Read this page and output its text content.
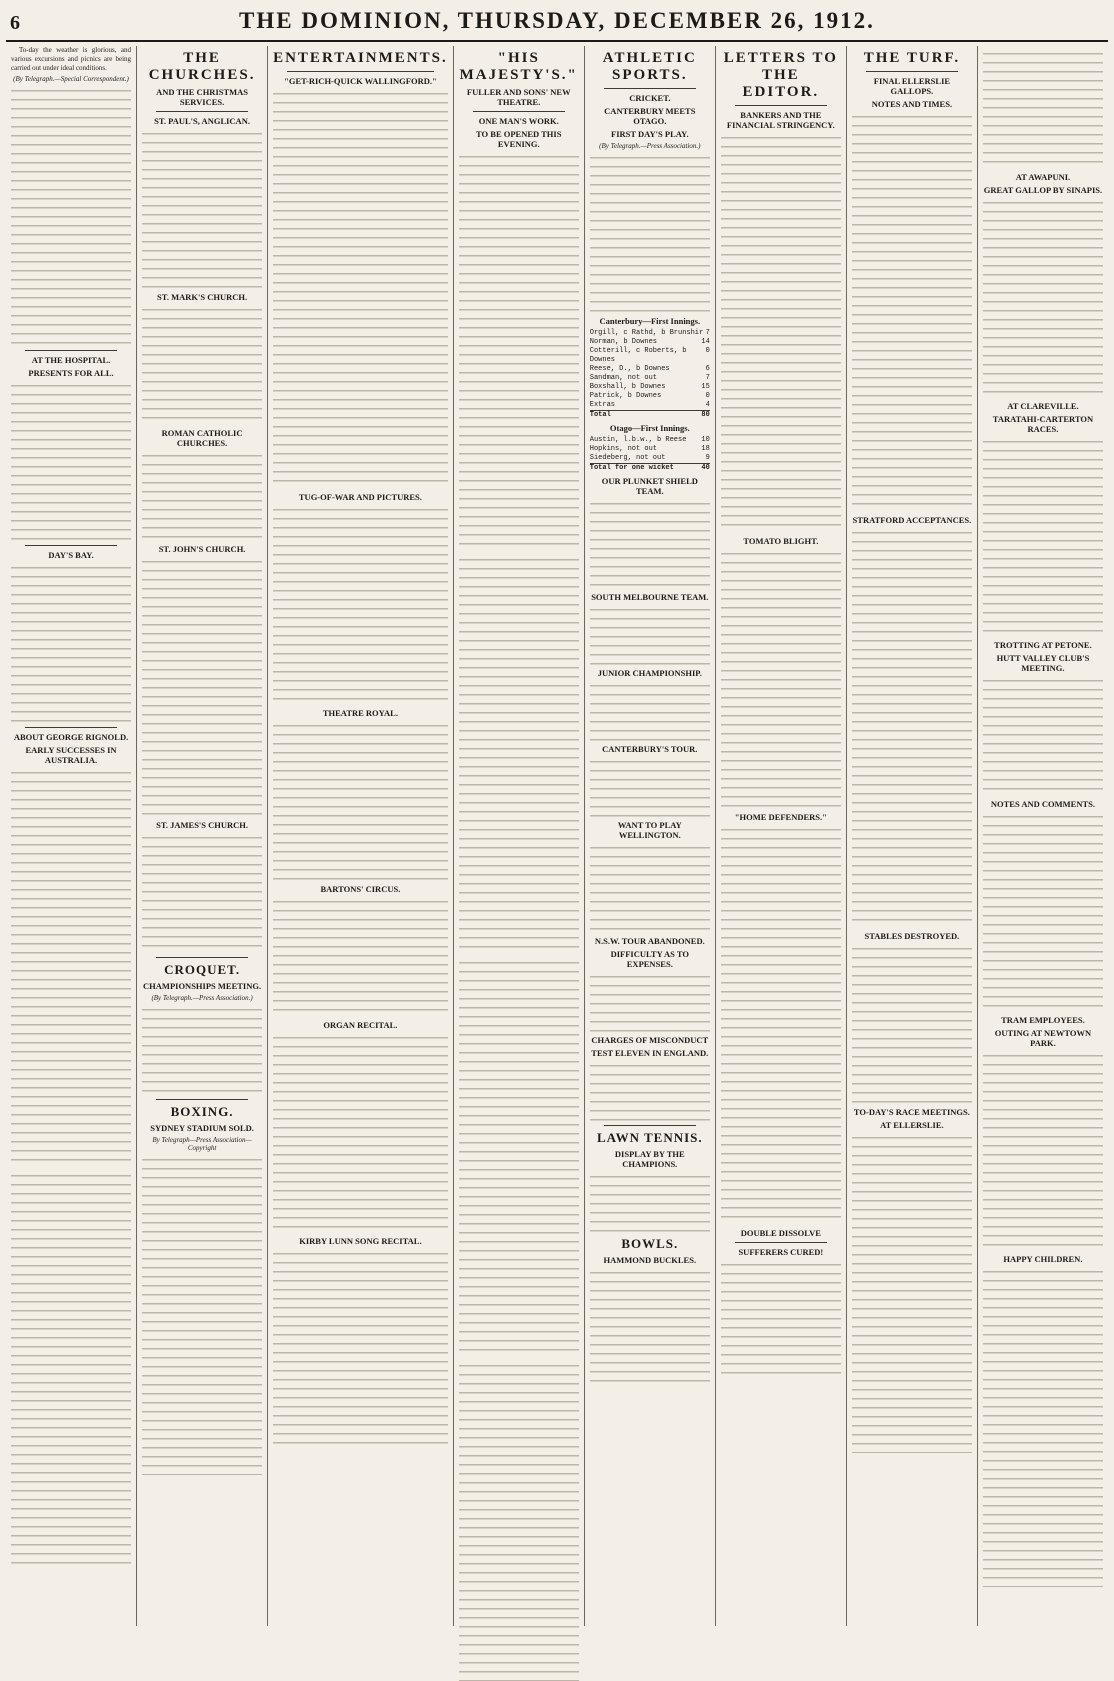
6	THE DOMINION, THURSDAY, DECEMBER 26, 1912.

To-day the weather is glorious, and various excursions and picnics are being carried out under ideal conditions.

(By Telegraph.—Special Correspondent.)
AT THE HOSPITAL.
PRESENTS FOR ALL.
DAY'S BAY.
ABOUT GEORGE RIGNOLD.
EARLY SUCCESSES IN AUSTRALIA.
THE CHURCHES.
AND THE CHRISTMAS SERVICES.
ST. PAUL'S, ANGLICAN.
ST. MARK'S CHURCH.
ROMAN CATHOLIC CHURCHES.
ST. JOHN'S CHURCH.
ST. JAMES'S CHURCH.
CROQUET.
CHAMPIONSHIPS MEETING.
(By Telegraph.—Press Association.)
BOXING.
SYDNEY STADIUM SOLD.
By Telegraph—Press Association—Copyright
ENTERTAINMENTS.
"GET-RICH-QUICK WALLINGFORD."
TUG-OF-WAR AND PICTURES.
THEATRE ROYAL.
BARTONS' CIRCUS.
ORGAN RECITAL.
KIRBY LUNN SONG RECITAL.
"HIS MAJESTY'S."
FULLER AND SONS' NEW THEATRE.
ONE MAN'S WORK.
TO BE OPENED THIS EVENING.
ATHLETIC SPORTS.
CRICKET.
CANTERBURY MEETS OTAGO.
FIRST DAY'S PLAY.
(By Telegraph.—Press Association.)
Canterbury—First Innings.
Orgill, c Rathd, b Brunshir 7
Norman, b Downes	14
Cotterill, c Roberts, b Downes
0
Reese, D., b Downes	6
Sandman, not out	7
Boxshall, b Downes	15
Patrick, b Downes	0
Extras	4
Total	80
Otago—First Innings.
Austin, l.b.w., b Reese 10
Hopkins, not out	18
Siedeberg, not out	9
Total for one wicket	40
OUR PLUNKET SHIELD TEAM.
SOUTH MELBOURNE TEAM.
JUNIOR CHAMPIONSHIP.
CANTERBURY'S TOUR.
WANT TO PLAY WELLINGTON.
N.S.W. TOUR ABANDONED.
DIFFICULTY AS TO EXPENSES.
CHARGES OF MISCONDUCT
TEST ELEVEN IN ENGLAND.
LAWN TENNIS.
DISPLAY BY THE CHAMPIONS.
BOWLS.
HAMMOND BUCKLES.
LETTERS TO THE EDITOR.
BANKERS AND THE FINANCIAL STRINGENCY.
TOMATO BLIGHT.
"HOME DEFENDERS."
DOUBLE DISSOLVE
SUFFERERS CURED!
THE TURF.
FINAL ELLERSLIE GALLOPS.
NOTES AND TIMES.
STRATFORD ACCEPTANCES.
STABLES DESTROYED.
TO-DAY'S RACE MEETINGS.
AT ELLERSLIE.
AT AWAPUNI.
GREAT GALLOP BY SINAPIS.
AT CLAREVILLE.
TARATAHI-CARTERTON RACES.
TROTTING AT PETONE.
HUTT VALLEY CLUB'S MEETING.
NOTES AND COMMENTS.
TRAM EMPLOYEES.
OUTING AT NEWTOWN PARK.
HAPPY CHILDREN.
